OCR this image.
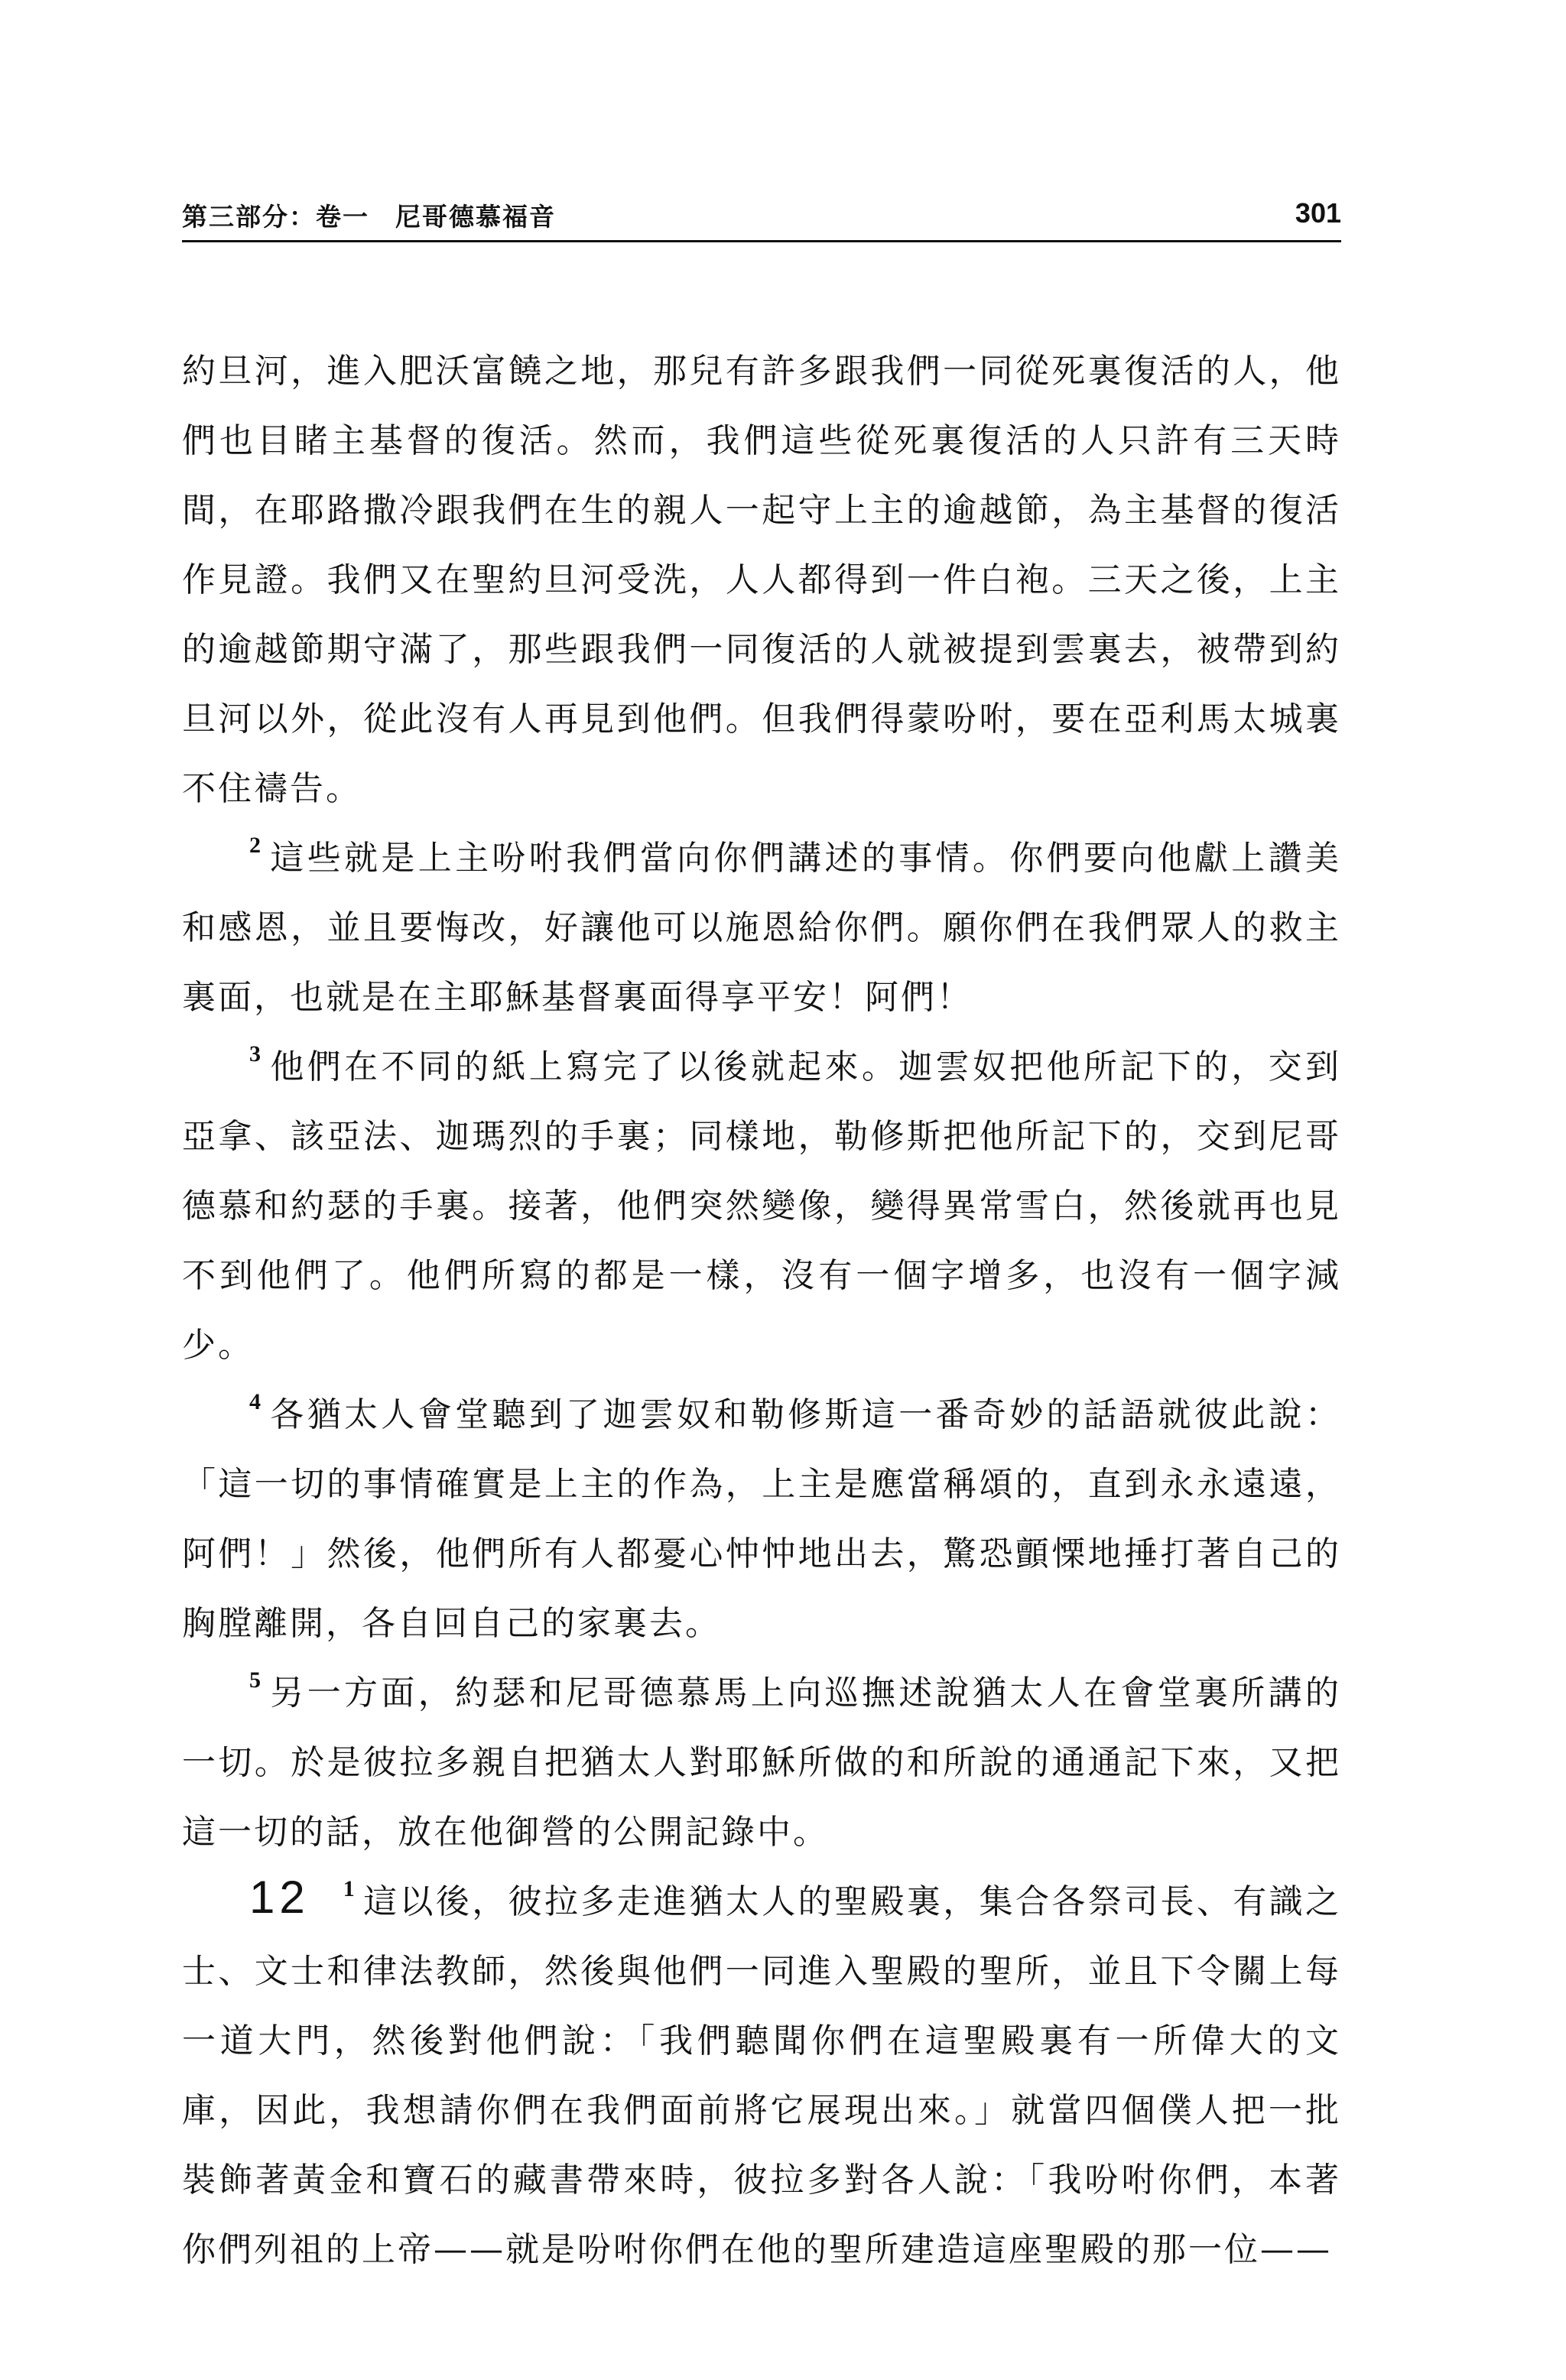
第三部分：卷一 尼哥德慕福音	301

約旦河，進入肥沃富饒之地，那兒有許多跟我們一同從死裏復活的人，他們也目睹主基督的復活。然而，我們這些從死裏復活的人只許有三天時間，在耶路撒冷跟我們在生的親人一起守上主的逾越節，為主基督的復活作見證。我們又在聖約旦河受洗，人人都得到一件白袍。三天之後，上主的逾越節期守滿了，那些跟我們一同復活的人就被提到雲裏去，被帶到約旦河以外，從此沒有人再見到他們。但我們得蒙吩咐，要在亞利馬太城裏不住禱告。

$^2$ 這些就是上主吩咐我們當向你們講述的事情。你們要向他獻上讚美和感恩，並且要悔改，好讓他可以施恩給你們。願你們在我們眾人的救主裏面，也就是在主耶穌基督裏面得享平安！阿們！

$^3$ 他們在不同的紙上寫完了以後就起來。迦雲奴把他所記下的，交到亞拿、該亞法、迦瑪烈的手裏；同樣地，勒修斯把他所記下的，交到尼哥德慕和約瑟的手裏。接著，他們突然變像，變得異常雪白，然後就再也見不到他們了。他們所寫的都是一樣，沒有一個字增多，也沒有一個字減少。

$^4$ 各猶太人會堂聽到了迦雲奴和勒修斯這一番奇妙的話語就彼此說：「這一切的事情確實是上主的作為，上主是應當稱頌的，直到永永遠遠，阿們！」然後，他們所有人都憂心忡忡地出去，驚恐顫慄地捶打著自己的胸膛離開，各自回自己的家裏去。

$^5$ 另一方面，約瑟和尼哥德慕馬上向巡撫述說猶太人在會堂裏所講的一切。於是彼拉多親自把猶太人對耶穌所做的和所說的通通記下來，又把這一切的話，放在他御營的公開記錄中。

12 $^1$ 這以後，彼拉多走進猶太人的聖殿裏，集合各祭司長、有識之士、文士和律法教師，然後與他們一同進入聖殿的聖所，並且下令關上每一道大門，然後對他們說：「我們聽聞你們在這聖殿裏有一所偉大的文庫，因此，我想請你們在我們面前將它展現出來。」就當四個僕人把一批裝飾著黃金和寶石的藏書帶來時，彼拉多對各人說：「我吩咐你們，本著你們列祖的上帝——就是吩咐你們在他的聖所建造這座聖殿的那一位——
